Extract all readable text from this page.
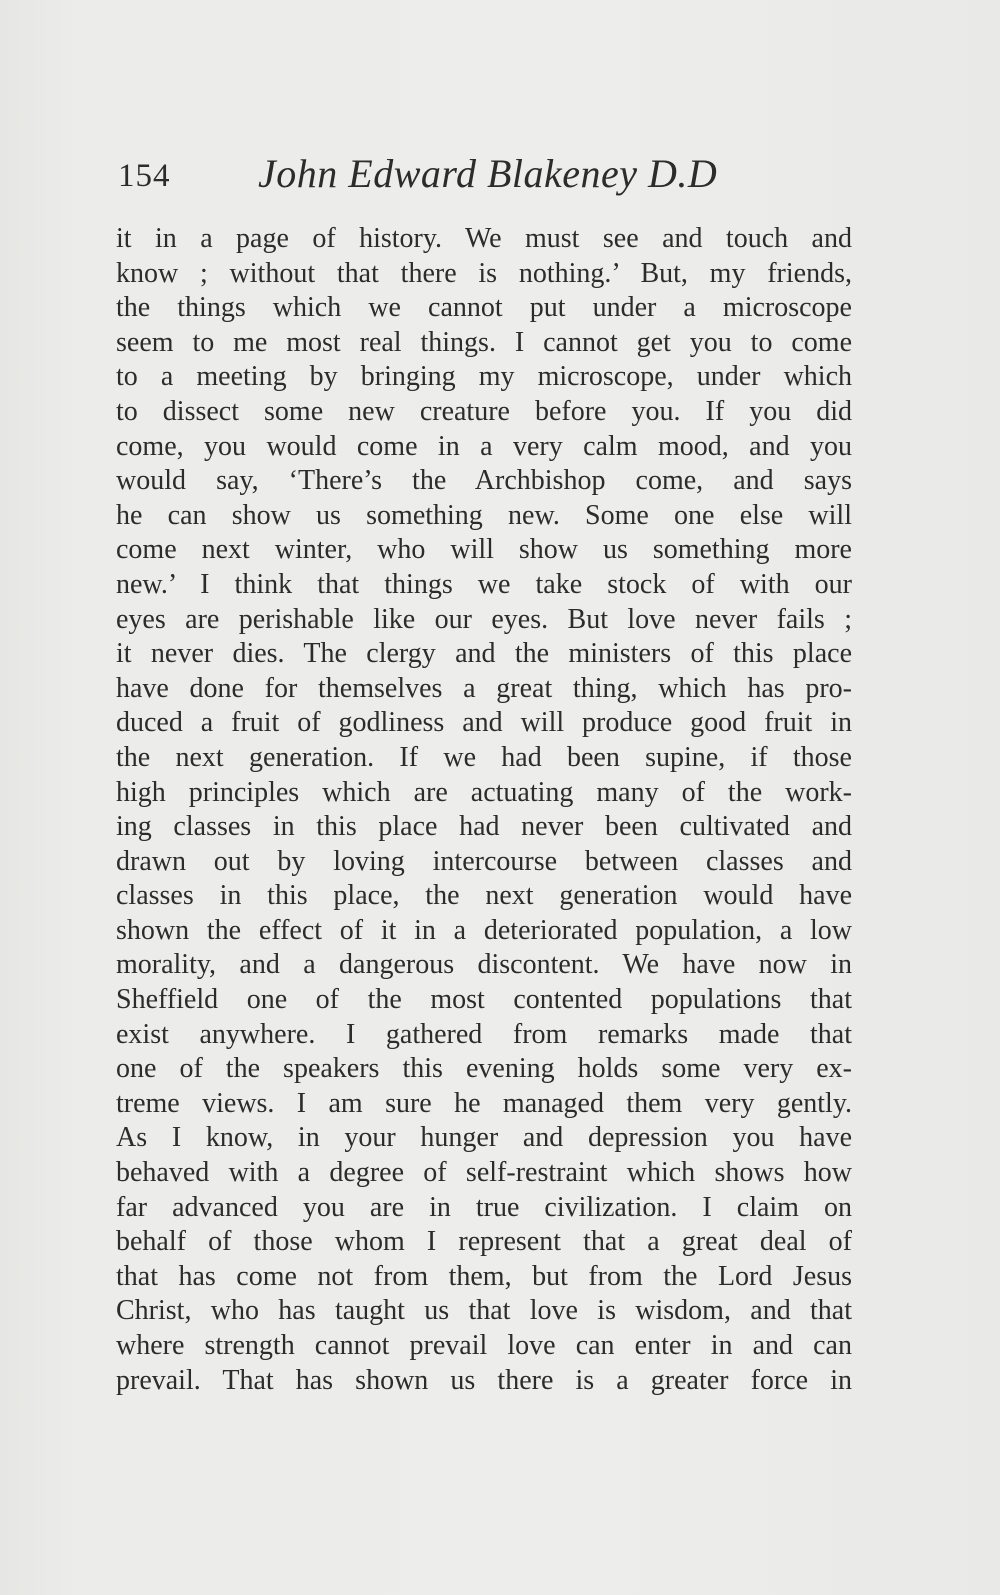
154 John Edward Blakeney D.D
it in a page of history. We must see and touch and
know ; without that there is nothing.’ But, my friends,
the things which we cannot put under a microscope
seem to me most real things. I cannot get you to come
to a meeting by bringing my microscope, under which
to dissect some new creature before you. If you did
come, you would come in a very calm mood, and you
would say, ‘There’s the Archbishop come, and says
he can show us something new. Some one else will
come next winter, who will show us something more
new.’ I think that things we take stock of with our
eyes are perishable like our eyes. But love never fails ;
it never dies. The clergy and the ministers of this place
have done for themselves a great thing, which has pro-
duced a fruit of godliness and will produce good fruit in
the next generation. If we had been supine, if those
high principles which are actuating many of the work-
ing classes in this place had never been cultivated and
drawn out by loving intercourse between classes and
classes in this place, the next generation would have
shown the effect of it in a deteriorated population, a low
morality, and a dangerous discontent. We have now in
Sheffield one of the most contented populations that
exist anywhere. I gathered from remarks made that
one of the speakers this evening holds some very ex-
treme views. I am sure he managed them very gently.
As I know, in your hunger and depression you have
behaved with a degree of self-restraint which shows how
far advanced you are in true civilization. I claim on
behalf of those whom I represent that a great deal of
that has come not from them, but from the Lord Jesus
Christ, who has taught us that love is wisdom, and that
where strength cannot prevail love can enter in and can
prevail. That has shown us there is a greater force in
